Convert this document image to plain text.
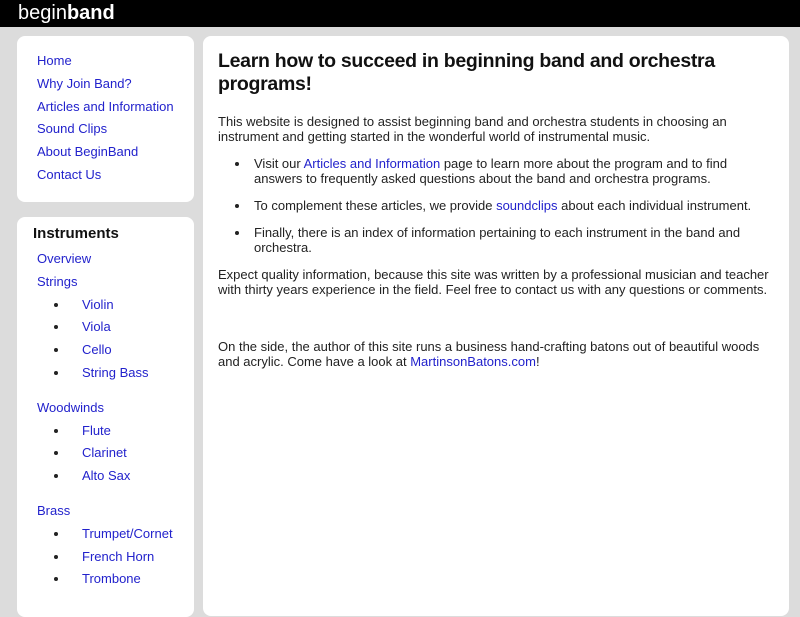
beginband
Home
Why Join Band?
Articles and Information
Sound Clips
About BeginBand
Contact Us
Instruments
Overview
Strings
• Violin
• Viola
• Cello
• String Bass
Woodwinds
• Flute
• Clarinet
• Alto Sax
Brass
• Trumpet/Cornet
• French Horn
• Trombone
Learn how to succeed in beginning band and orchestra programs!

This website is designed to assist beginning band and orchestra students in choosing an instrument and getting started in the wonderful world of instrumental music.

• Visit our Articles and Information page to learn more about the program and to find answers to frequently asked questions about the band and orchestra programs.
• To complement these articles, we provide soundclips about each individual instrument.
• Finally, there is an index of information pertaining to each instrument in the band and orchestra.

Expect quality information, because this site was written by a professional musician and teacher with thirty years experience in the field. Feel free to contact us with any questions or comments.

On the side, the author of this site runs a business hand-crafting batons out of beautiful woods and acrylic. Come have a look at MartinsonBatons.com!
